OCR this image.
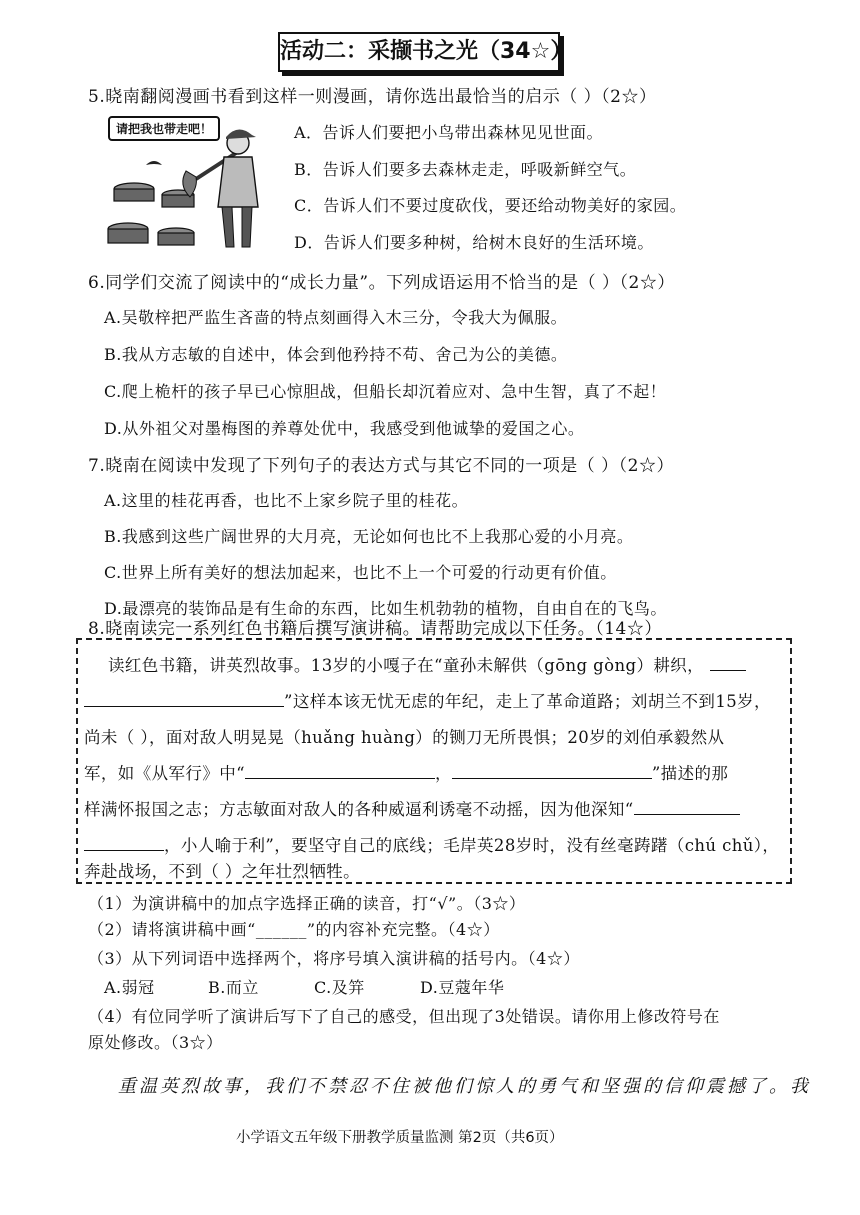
活动二：采撷书之光（34☆）
5.晓南翻阅漫画书看到这样一则漫画，请你选出最恰当的启示（ ）（2☆）
请把我也带走吧！	A．告诉人们要把小鸟带出森林见见世面。
B．告诉人们要多去森林走走，呼吸新鲜空气。
C．告诉人们不要过度砍伐，要还给动物美好的家园。
D．告诉人们要多种树，给树木良好的生活环境。
6.同学们交流了阅读中的“成长力量”。下列成语运用不恰当的是（ ）（2☆）
A.吴敬梓把严监生吝啬的特点刻画得入木三分，令我大为佩服。
B.我从方志敏的自述中，体会到他矜持不苟、舍己为公的美德。
C.爬上桅杆的孩子早已心惊胆战，但船长却沉着应对、急中生智，真了不起！
D.从外祖父对墨梅图的养尊处优中，我感受到他诚挚的爱国之心。
7.晓南在阅读中发现了下列句子的表达方式与其它不同的一项是（ ）（2☆）
A.这里的桂花再香，也比不上家乡院子里的桂花。
B.我感到这些广阔世界的大月亮，无论如何也比不上我那心爱的小月亮。
C.世界上所有美好的想法加起来，也比不上一个可爱的行动更有价值。
D.最漂亮的装饰品是有生命的东西，比如生机勃勃的植物，自由自在的飞鸟。
8.晓南读完一系列红色书籍后撰写演讲稿。请帮助完成以下任务。（14☆）
读红色书籍，讲英烈故事。13岁的小嘎子在“童孙未解供（gōng gòng）耕织，
”这样本该无忧无虑的年纪，走上了革命道路；刘胡兰不到15岁，
尚未（ ），面对敌人明晃晃（huǎng huàng）的铡刀无所畏惧；20岁的刘伯承毅然从
军，如《从军行》中“	，	”描述的那
样满怀报国之志；方志敏面对敌人的各种威逼利诱毫不动摇，因为他深知“
，小人喻于利”，要坚守自己的底线；毛岸英28岁时，没有丝毫踌躇（chú chǔ），
奔赴战场，不到（ ）之年壮烈牺牲。
（1）为演讲稿中的加点字选择正确的读音，打“√”。（3☆）
（2）请将演讲稿中画“______”的内容补充完整。（4☆）
（3）从下列词语中选择两个，将序号填入演讲稿的括号内。（4☆）
A.弱冠	B.而立	C.及笄	D.豆蔻年华
（4）有位同学听了演讲后写下了自己的感受，但出现了3处错误。请你用上修改符号在
原处修改。（3☆）
重温英烈故事，我们不禁忍不住被他们惊人的勇气和坚强的信仰震撼了。我
小学语文五年级下册教学质量监测 第2页（共6页）
